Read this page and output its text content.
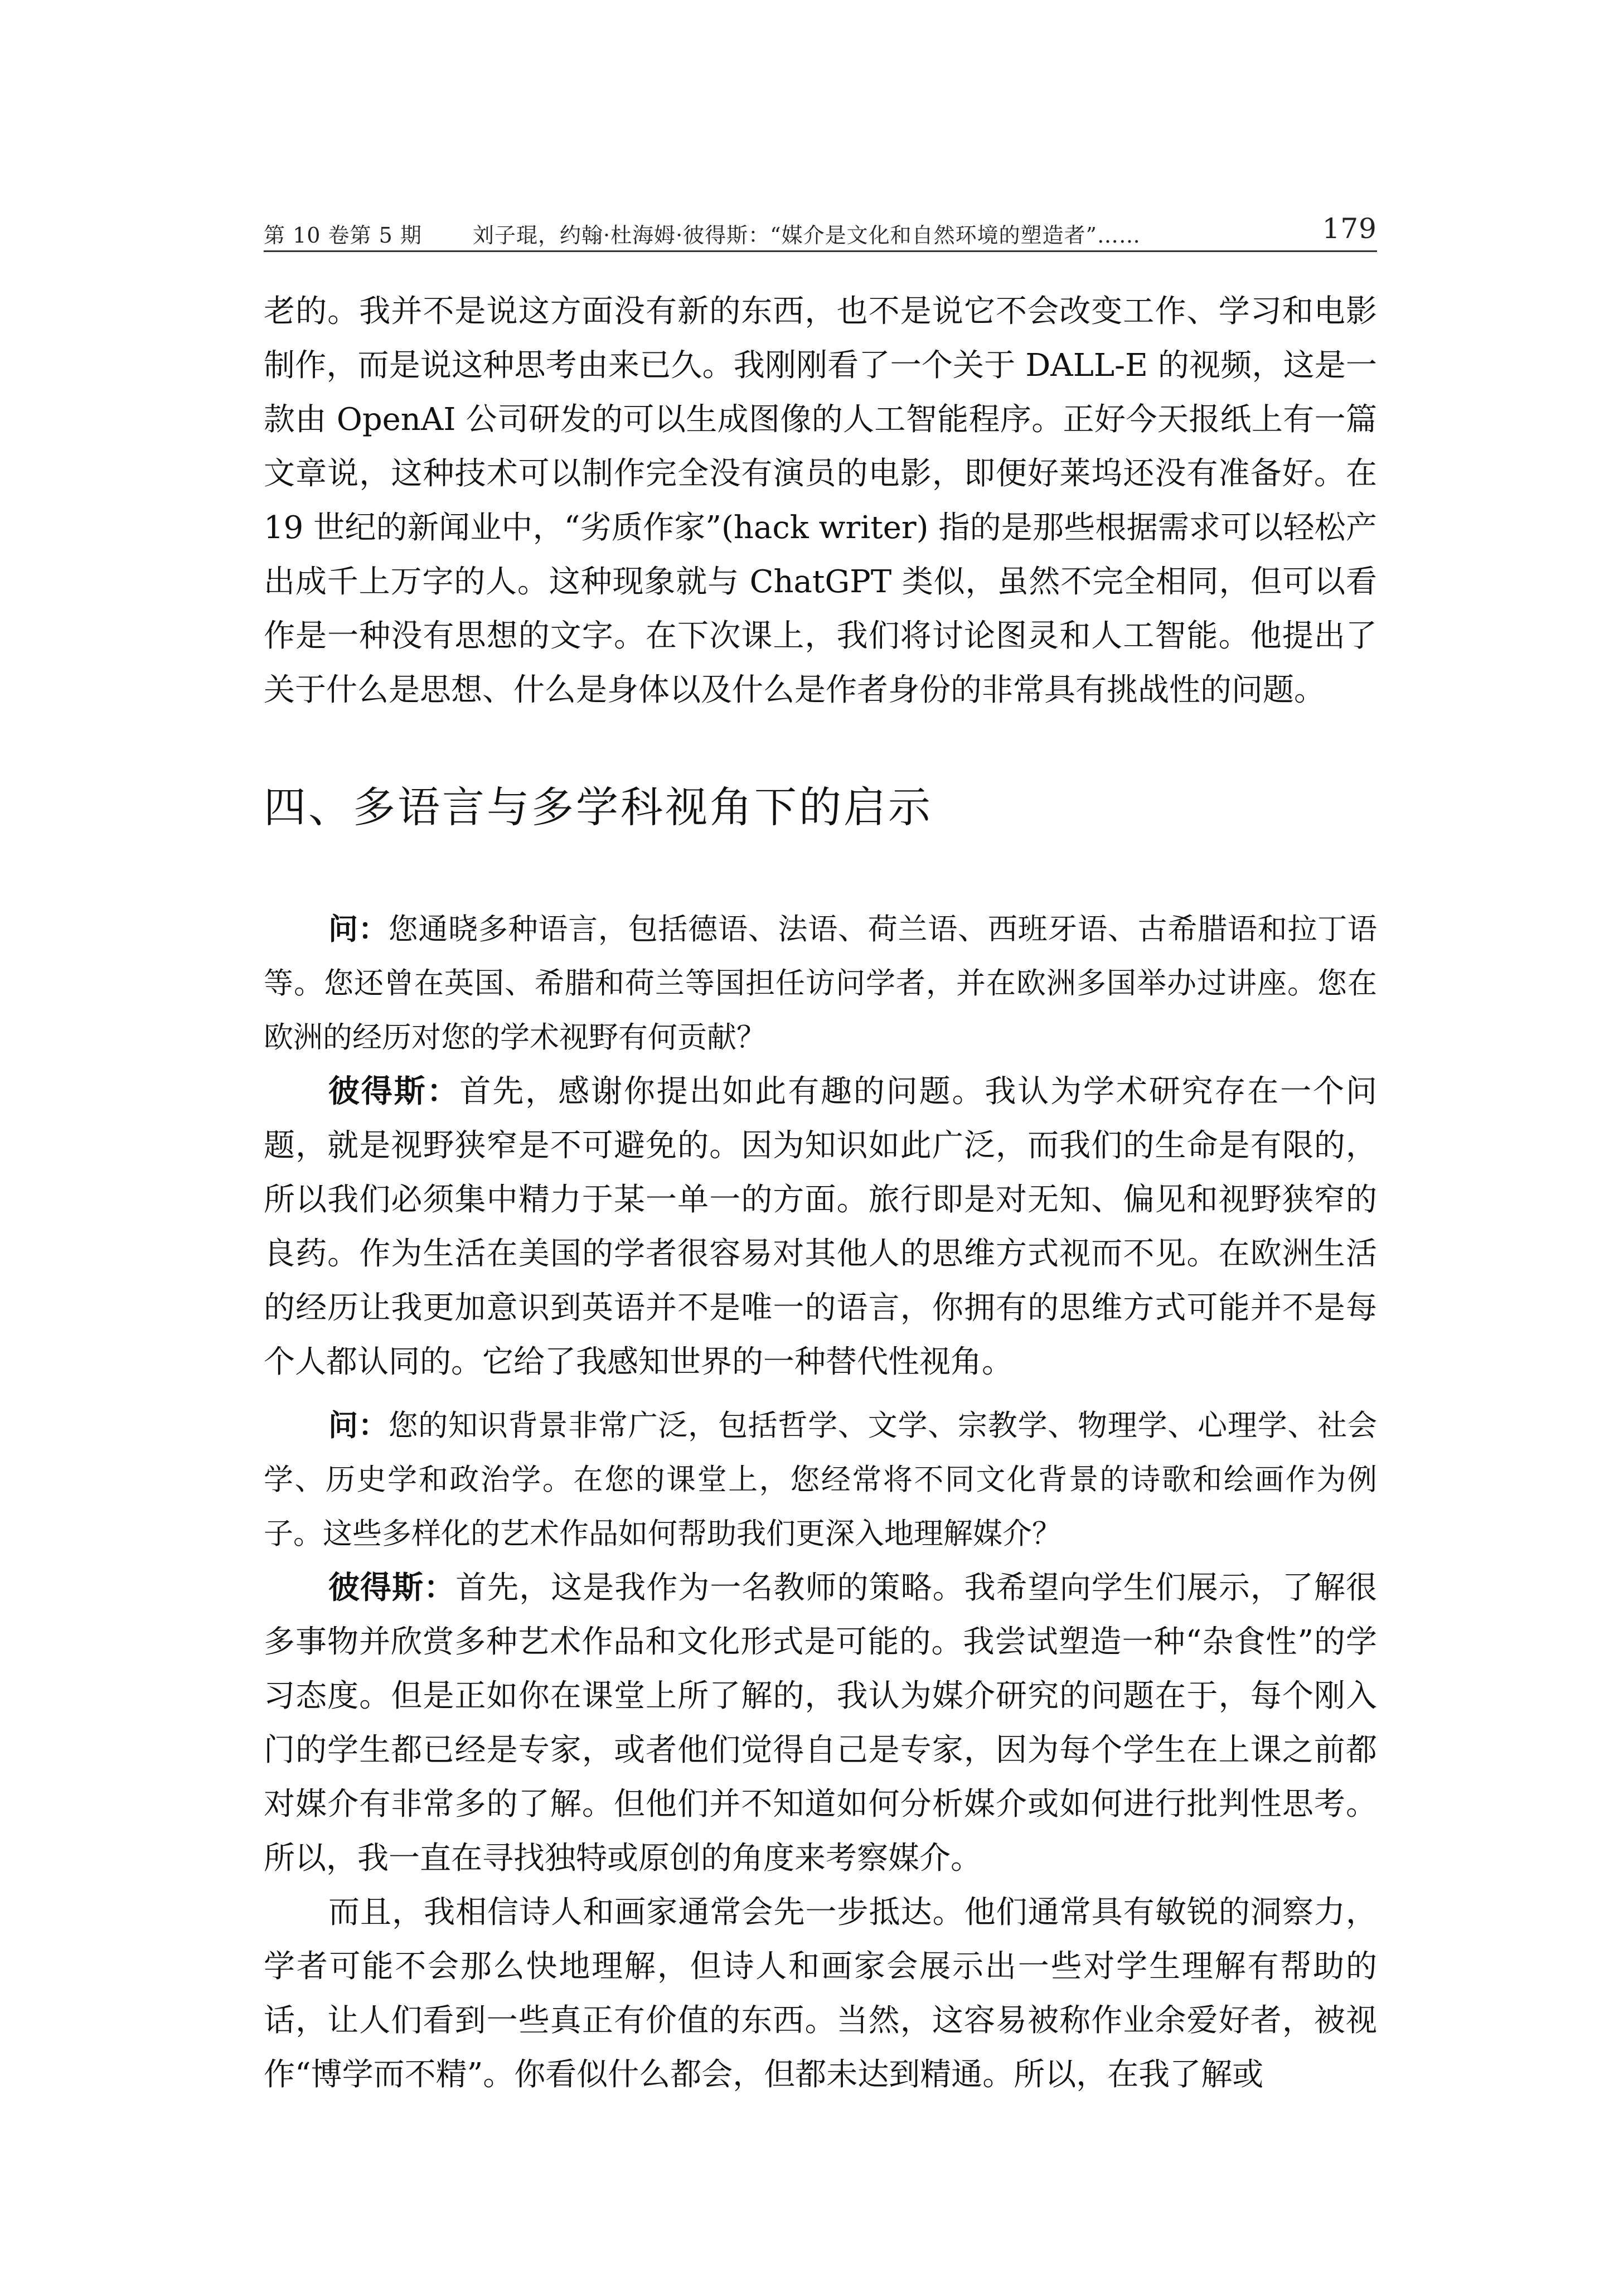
第 10 卷第 5 期 刘子琨，约翰·杜海姆·彼得斯：“媒介是文化和自然环境的塑造者”……	179

老的。我并不是说这方面没有新的东西，也不是说它不会改变工作、学习和电影制作，而是说这种思考由来已久。我刚刚看了一个关于 DALL-E 的视频，这是一款由 OpenAI 公司研发的可以生成图像的人工智能程序。正好今天报纸上有一篇文章说，这种技术可以制作完全没有演员的电影，即便好莱坞还没有准备好。在 19 世纪的新闻业中，“劣质作家”(hack writer) 指的是那些根据需求可以轻松产出成千上万字的人。这种现象就与 ChatGPT 类似，虽然不完全相同，但可以看作是一种没有思想的文字。在下次课上，我们将讨论图灵和人工智能。他提出了关于什么是思想、什么是身体以及什么是作者身份的非常具有挑战性的问题。

四、多语言与多学科视角下的启示

问：您通晓多种语言，包括德语、法语、荷兰语、西班牙语、古希腊语和拉丁语等。您还曾在英国、希腊和荷兰等国担任访问学者，并在欧洲多国举办过讲座。您在欧洲的经历对您的学术视野有何贡献？

彼得斯：首先，感谢你提出如此有趣的问题。我认为学术研究存在一个问题，就是视野狭窄是不可避免的。因为知识如此广泛，而我们的生命是有限的，所以我们必须集中精力于某一单一的方面。旅行即是对无知、偏见和视野狭窄的良药。作为生活在美国的学者很容易对其他人的思维方式视而不见。在欧洲生活的经历让我更加意识到英语并不是唯一的语言，你拥有的思维方式可能并不是每个人都认同的。它给了我感知世界的一种替代性视角。

问：您的知识背景非常广泛，包括哲学、文学、宗教学、物理学、心理学、社会学、历史学和政治学。在您的课堂上，您经常将不同文化背景的诗歌和绘画作为例子。这些多样化的艺术作品如何帮助我们更深入地理解媒介？

彼得斯：首先，这是我作为一名教师的策略。我希望向学生们展示，了解很多事物并欣赏多种艺术作品和文化形式是可能的。我尝试塑造一种“杂食性”的学习态度。但是正如你在课堂上所了解的，我认为媒介研究的问题在于，每个刚入门的学生都已经是专家，或者他们觉得自己是专家，因为每个学生在上课之前都对媒介有非常多的了解。但他们并不知道如何分析媒介或如何进行批判性思考。所以，我一直在寻找独特或原创的角度来考察媒介。

而且，我相信诗人和画家通常会先一步抵达。他们通常具有敏锐的洞察力，学者可能不会那么快地理解，但诗人和画家会展示出一些对学生理解有帮助的话，让人们看到一些真正有价值的东西。当然，这容易被称作业余爱好者，被视作“博学而不精”。你看似什么都会，但都未达到精通。所以，在我了解或
